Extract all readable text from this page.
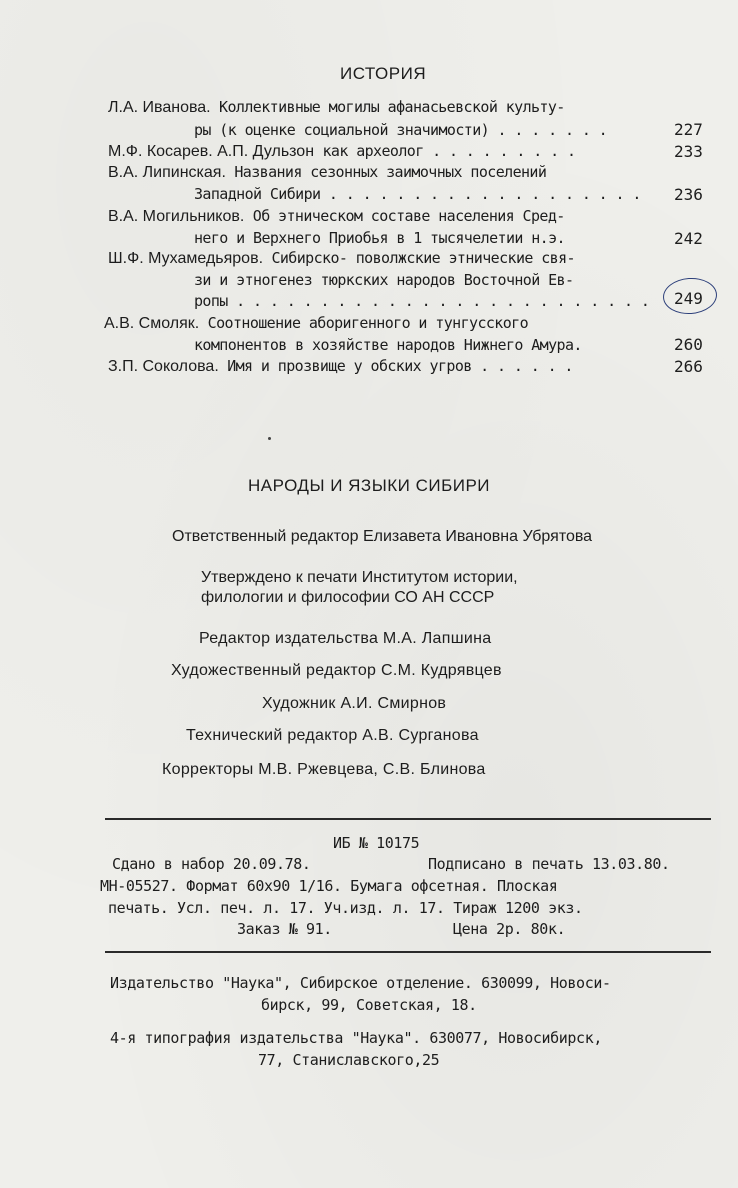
ИСТОРИЯ
Л.А. Иванова. Коллективные могилы афанасьевской культу-
ры (к оценке социальной значимости) . . . . . . .	227
М.Ф. Косарев. А.П. Дульзон как археолог . . . . . . . . .	233
В.А. Липинская. Названия сезонных заимочных поселений
Западной Сибири . . . . . . . . . . . . . . . . . . . 236
В.А. Могильников. Об этническом составе населения Сред-
него и Верхнего Приобья в 1 тысячелетии н.э.	242
Ш.Ф. Мухамедьяров. Сибирско- поволжские этнические свя-
зи и этногенез тюркских народов Восточной Ев-
ропы . . . . . . . . . . . . . . . . . . . . . . . . . 249
А.В. Смоляк. Соотношение аборигенного и тунгусского
компонентов в хозяйстве народов Нижнего Амура.	260
З.П. Соколова. Имя и прозвище у обских угров . . . . . .	266
НАРОДЫ И ЯЗЫКИ СИБИРИ
Ответственный редактор Елизавета Ивановна Убрятова
Утверждено к печати Институтом истории,
филологии и философии СО АН СССР
Редактор издательства М.А. Лапшина
Художественный редактор С.М. Кудрявцев
Художник А.И. Смирнов
Технический редактор А.В. Сурганова
Корректоры М.В. Ржевцева, С.В. Блинова
ИБ № 10175
Сдано в набор 20.09.78.	Подписано в печать 13.03.80.
МН-05527. Формат 60х90 1/16. Бумага офсетная. Плоская
печать. Усл. печ. л. 17. Уч.изд. л. 17. Тираж 1200 экз.
Заказ № 91.	Цена 2р. 80к.
Издательство "Наука", Сибирское отделение. 630099, Новоси-
бирск, 99, Советская, 18.
4-я типография издательства "Наука". 630077, Новосибирск,
77, Станиславского,25
